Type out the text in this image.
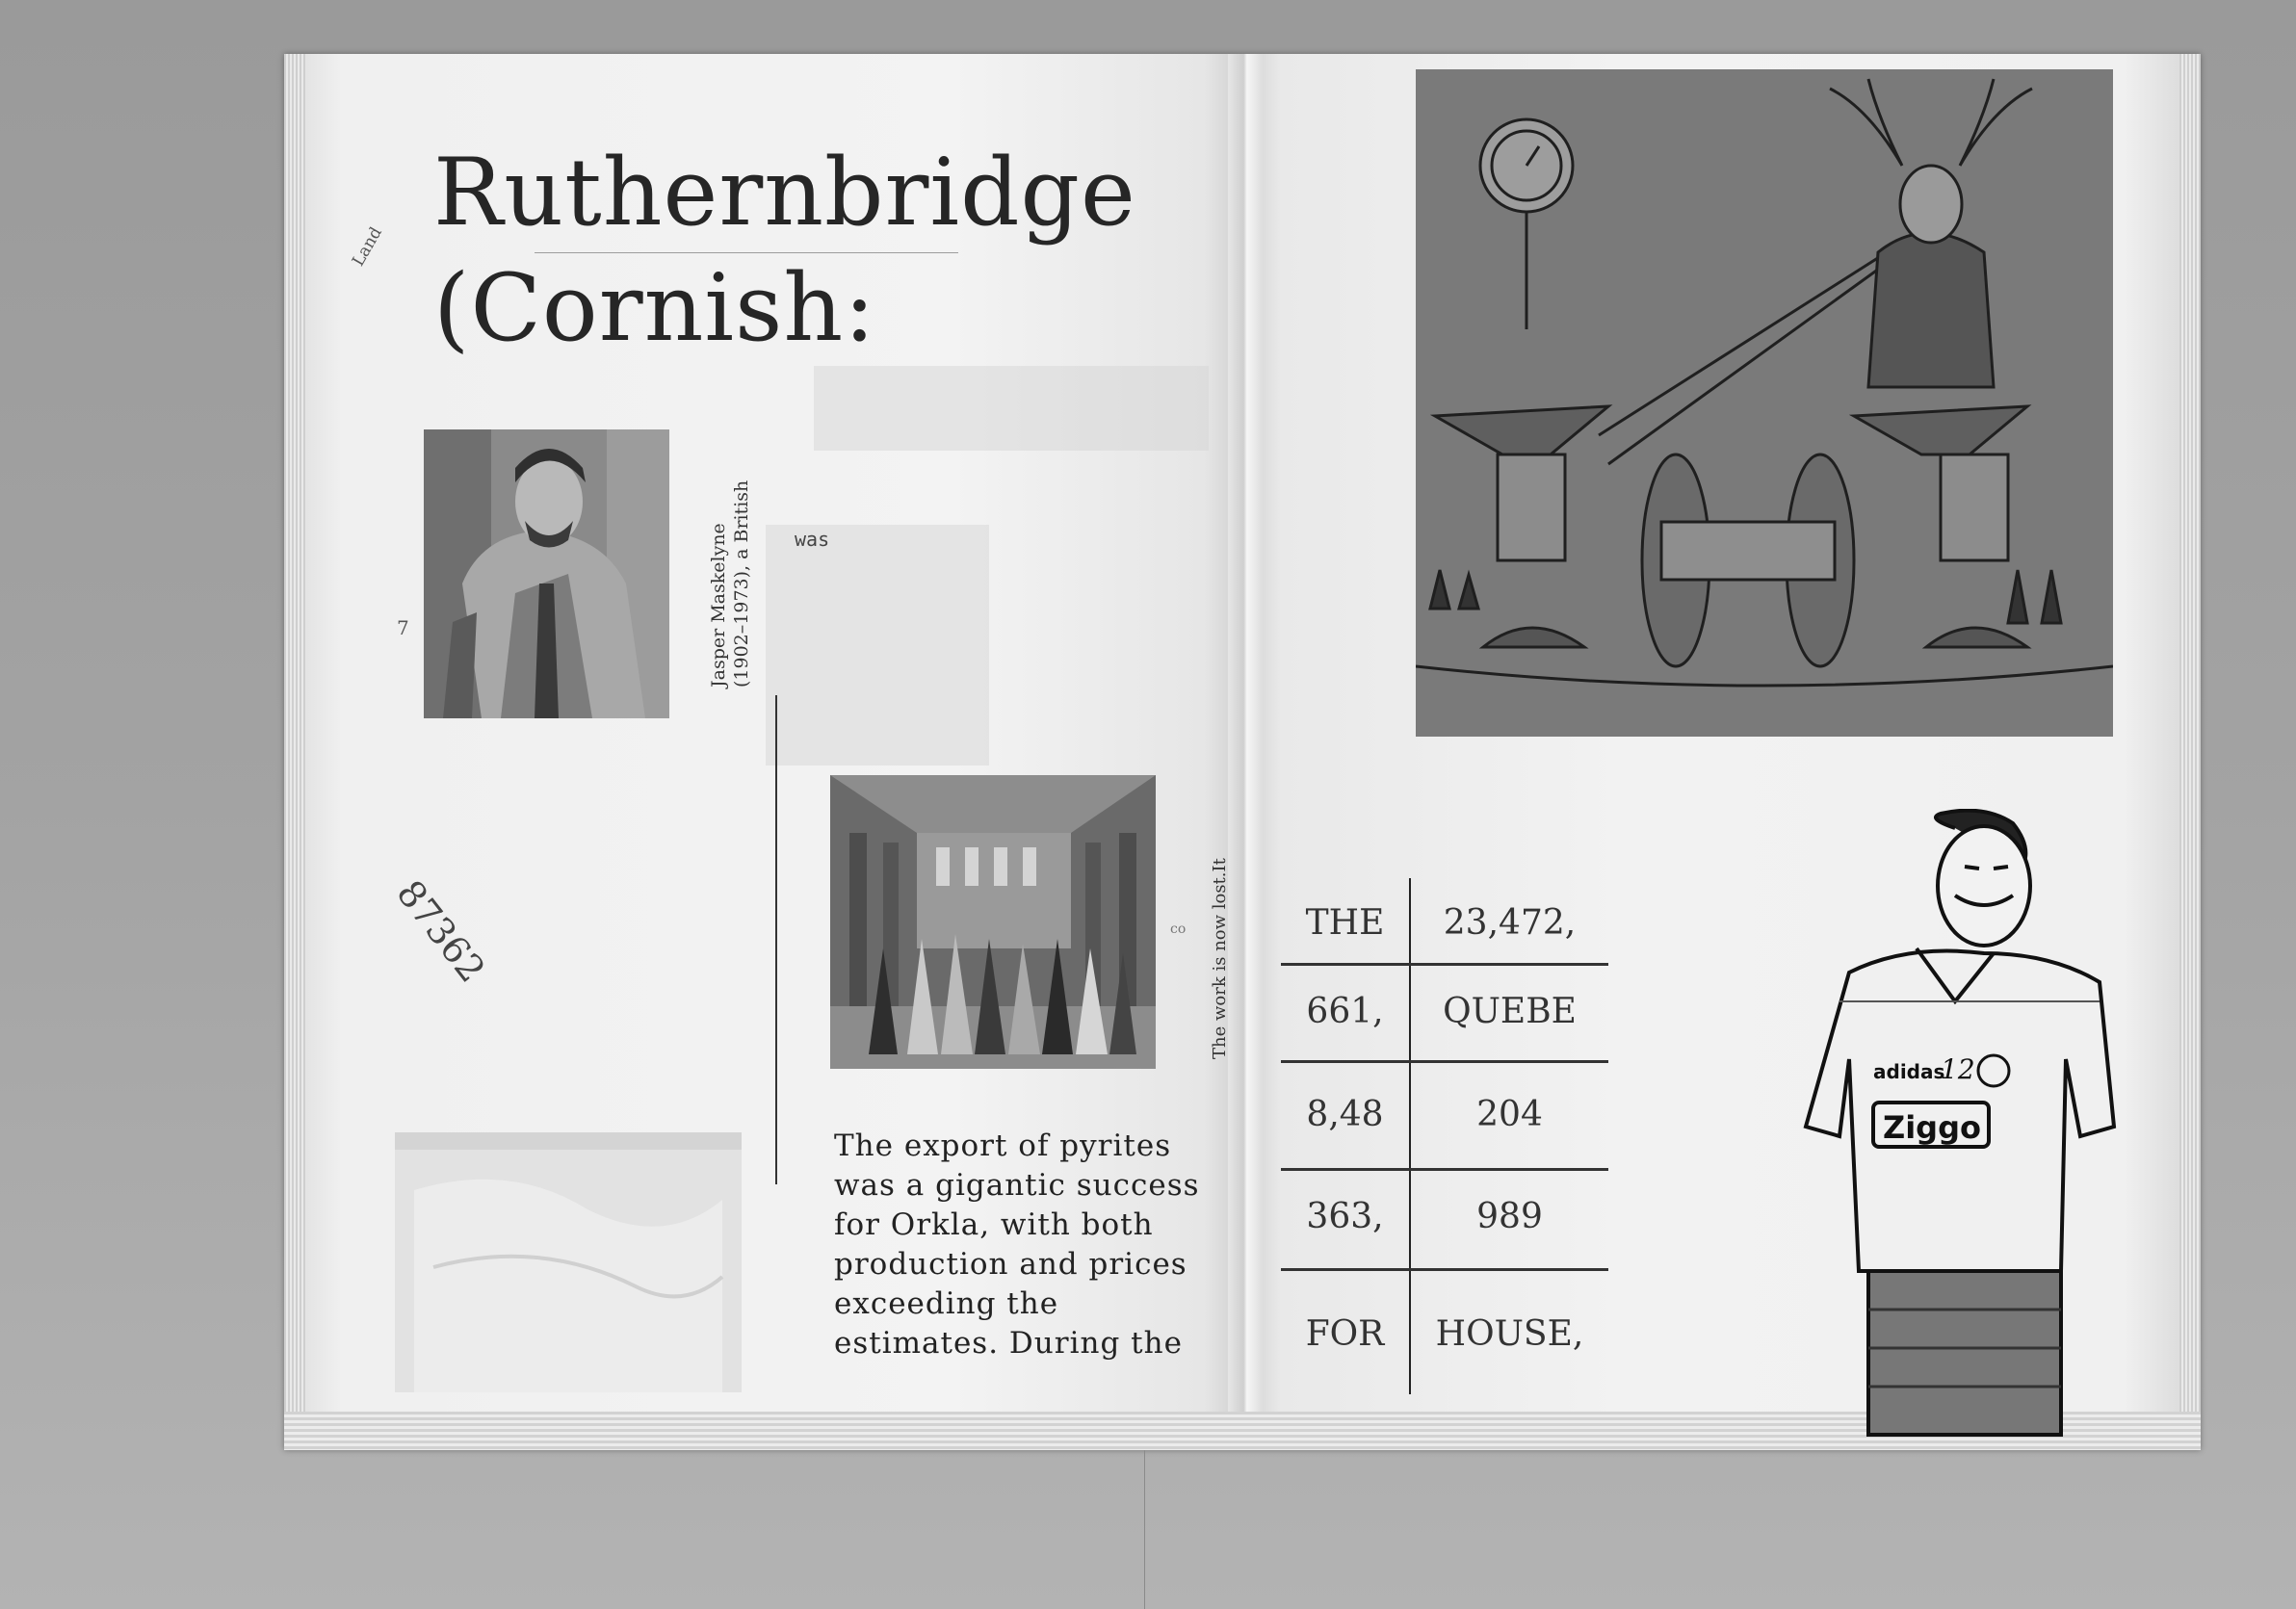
Ruthernbridge
(Cornish:
Land
7	Jasper Maskelyne (1902–1973), a British was
87362	co The work is now lost.It
The export of pyrites was a gigantic success for Orkla, with both production and prices exceeding the estimates. During the
THE	23,472,
661,	QUEBE
8,48	204
363,	989
FOR	HOUSE,
Ziggo
adidas
12
